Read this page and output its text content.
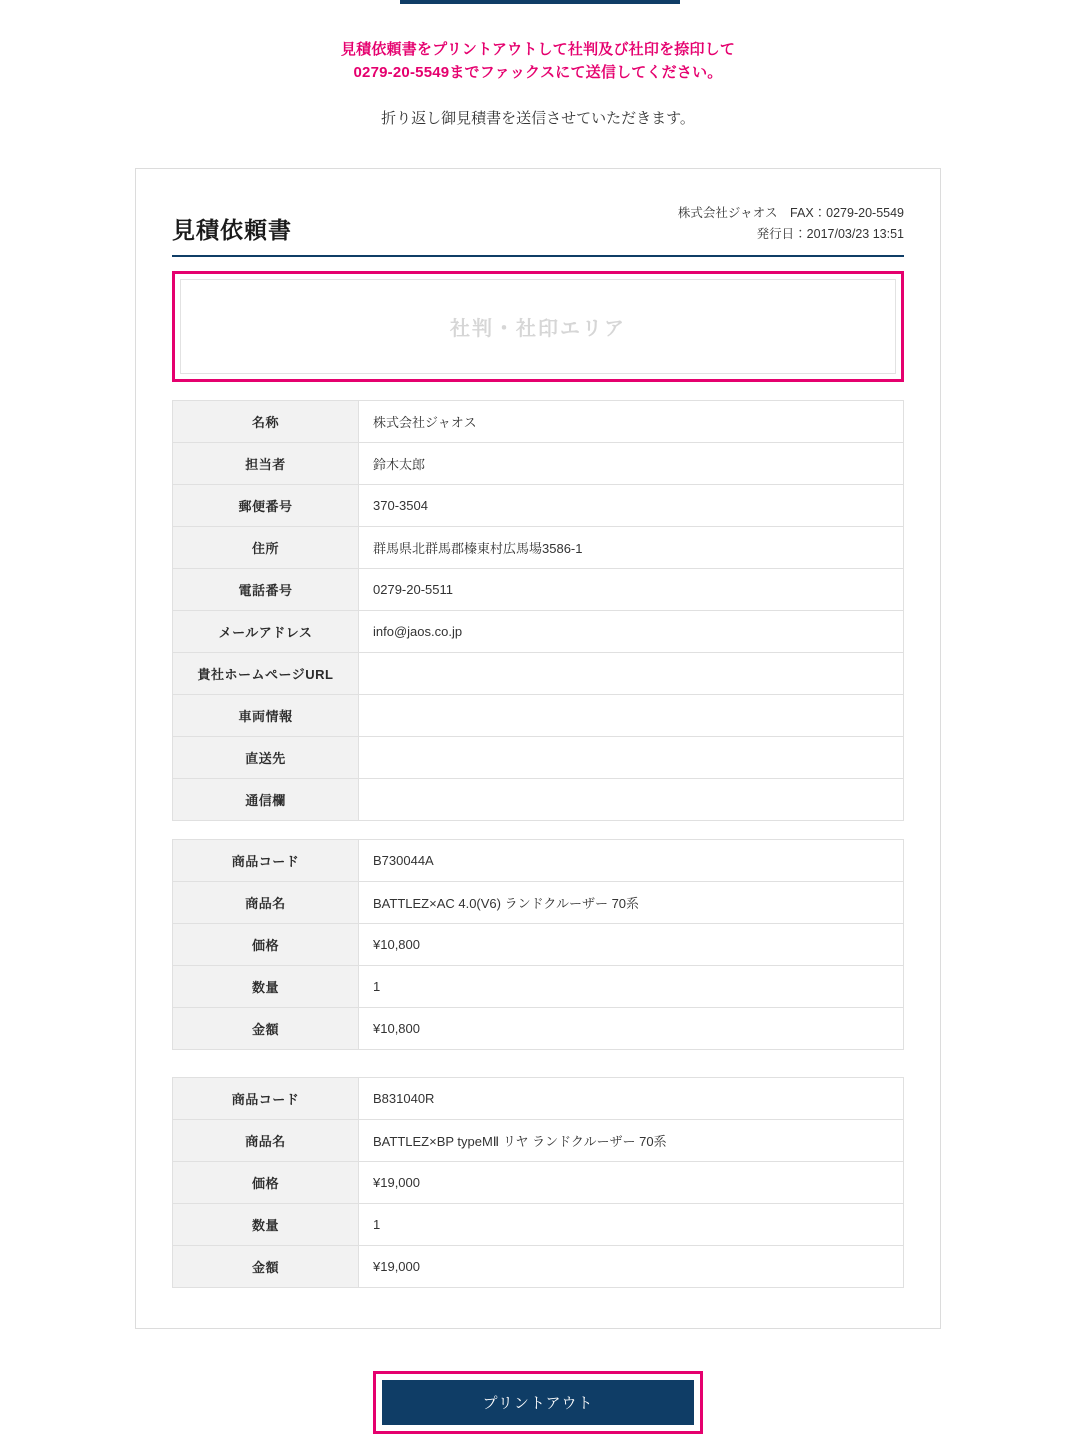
見積依頼書をプリントアウトして社判及び社印を捺印して
0279-20-5549までファックスにて送信してください。
折り返し御見積書を送信させていただきます。
見積依頼書
株式会社ジャオス　FAX：0279-20-5549
発行日：2017/03/23 13:51
社判・社印エリア
名称	株式会社ジャオス
担当者	鈴木太郎
郵便番号	370-3504
住所	群馬県北群馬郡榛東村広馬場3586-1
電話番号	0279-20-5511
メールアドレス	info@jaos.co.jp
貴社ホームページURL	
車両情報	
直送先	
通信欄	
商品コード	B730044A
商品名	BATTLEZ×AC 4.0(V6) ランドクルーザー 70系
価格	¥10,800
数量	1
金額	¥10,800
商品コード	B831040R
商品名	BATTLEZ×BP typeMⅡ リヤ ランドクルーザー 70系
価格	¥19,000
数量	1
金額	¥19,000
プリントアウト
